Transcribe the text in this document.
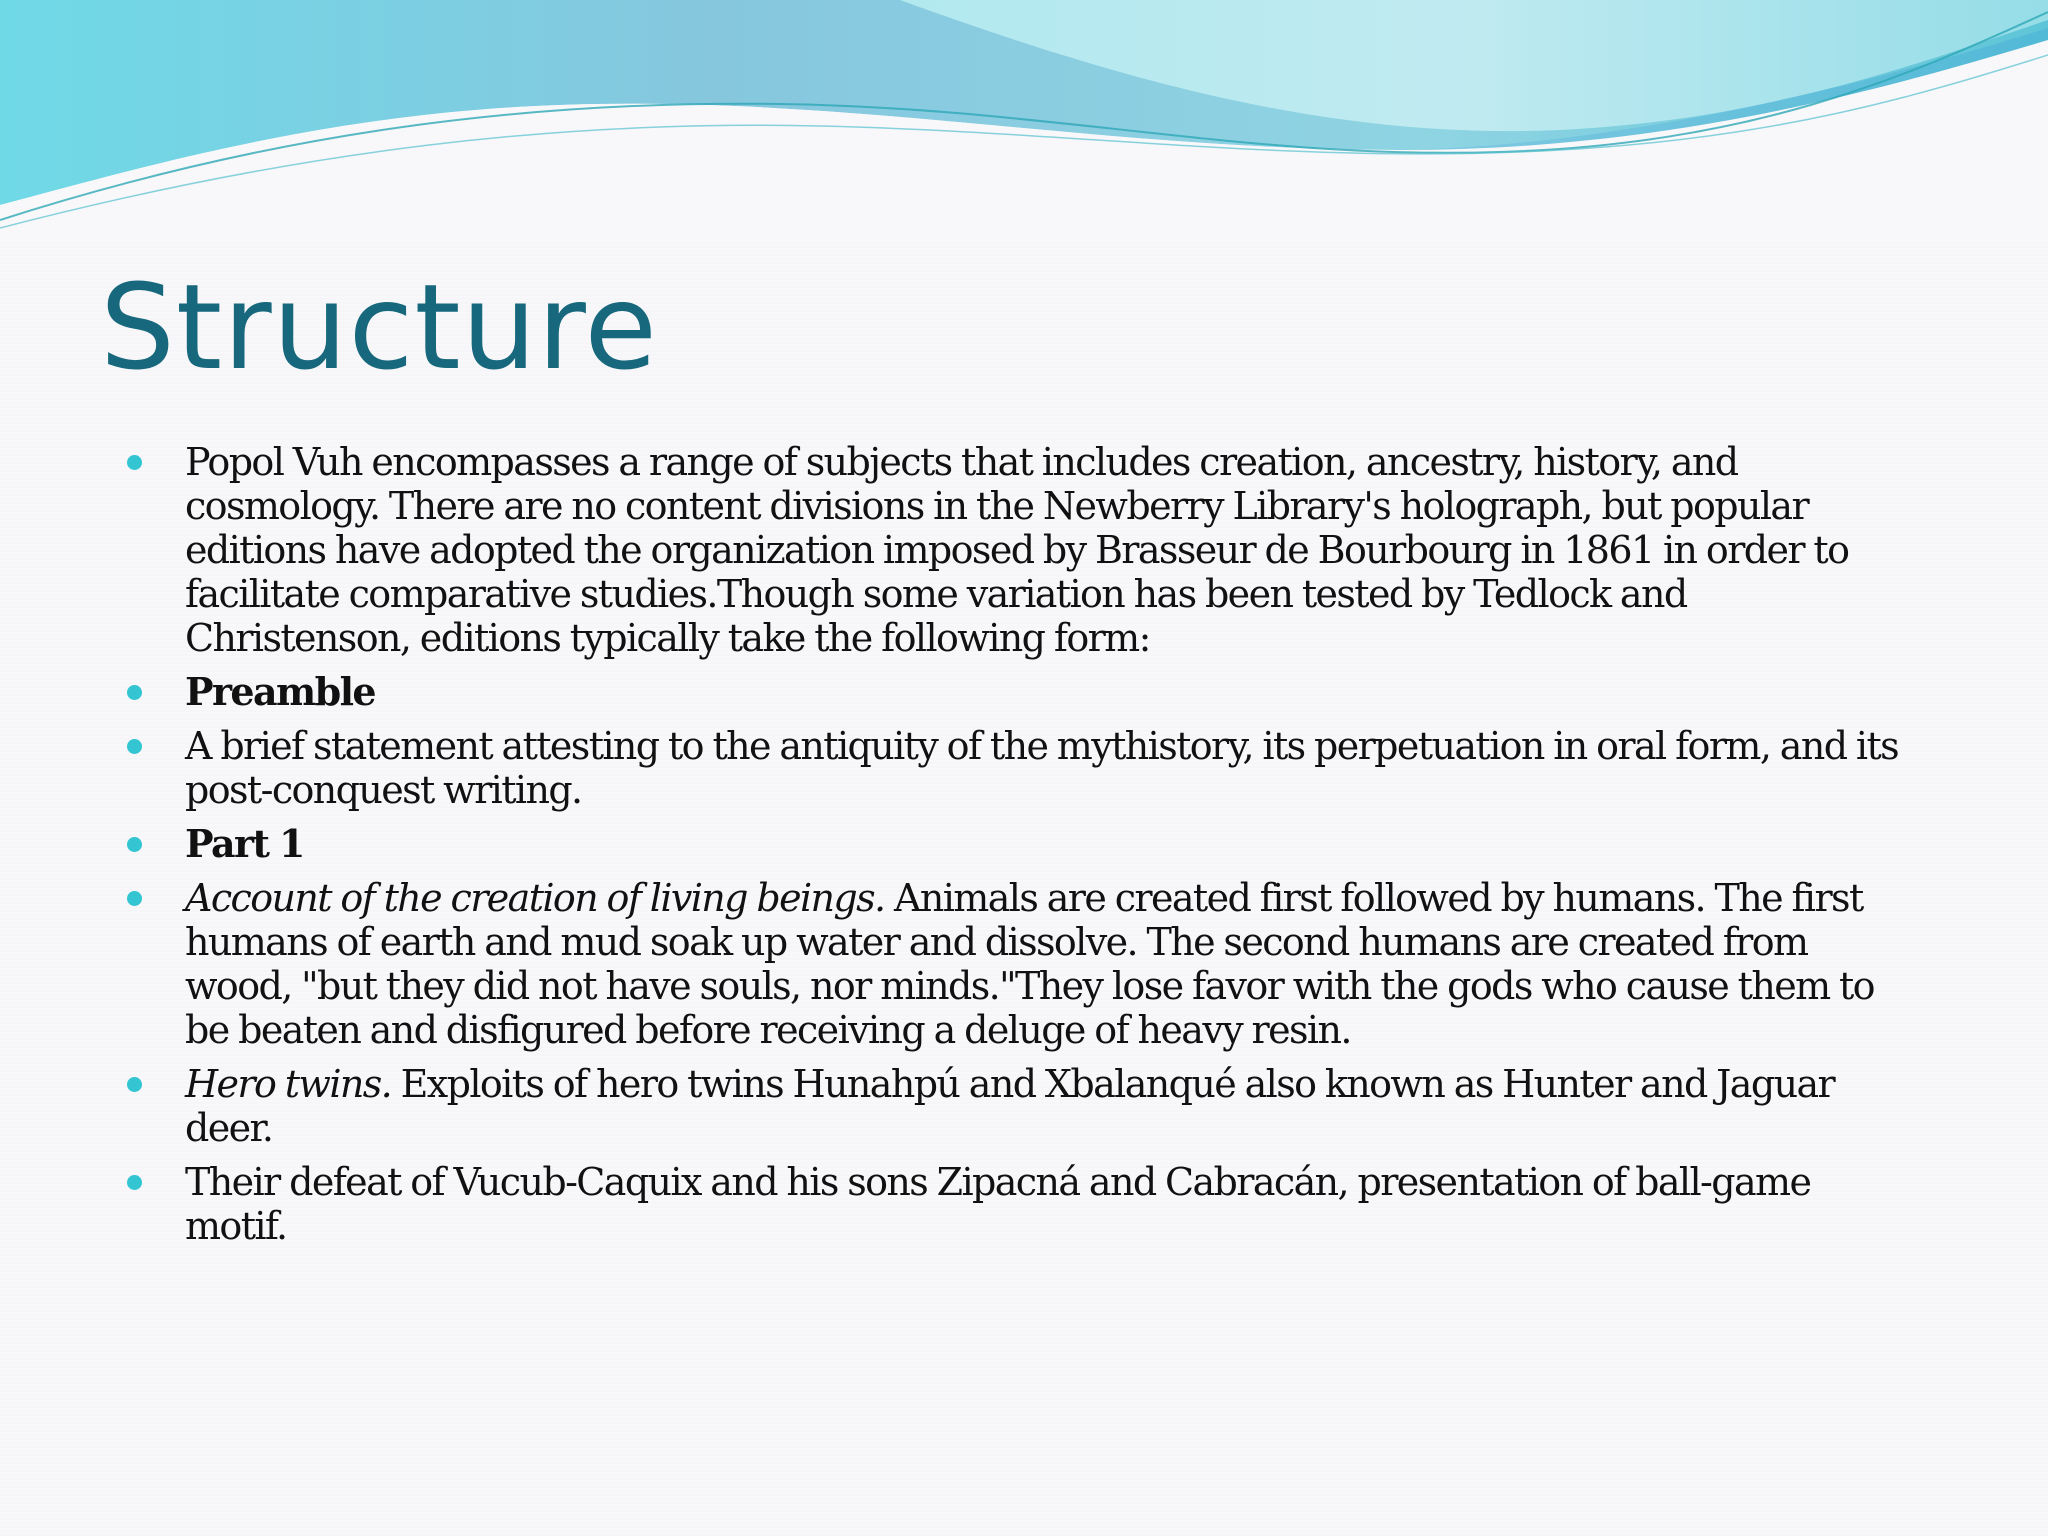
Structure
Popol Vuh encompasses a range of subjects that includes creation, ancestry, history, and cosmology. There are no content divisions in the Newberry Library's holograph, but popular editions have adopted the organization imposed by Brasseur de Bourbourg in 1861 in order to facilitate comparative studies.Though some variation has been tested by Tedlock and Christenson, editions typically take the following form:
Preamble
A brief statement attesting to the antiquity of the mythistory, its perpetuation in oral form, and its post-conquest writing.
Part 1
Account of the creation of living beings. Animals are created first followed by humans. The first humans of earth and mud soak up water and dissolve. The second humans are created from wood, "but they did not have souls, nor minds."They lose favor with the gods who cause them to be beaten and disfigured before receiving a deluge of heavy resin.
Hero twins. Exploits of hero twins Hunahpú and Xbalanqué also known as Hunter and Jaguar deer.
Their defeat of Vucub-Caquix and his sons Zipacná and Cabracán, presentation of ball-game motif.
